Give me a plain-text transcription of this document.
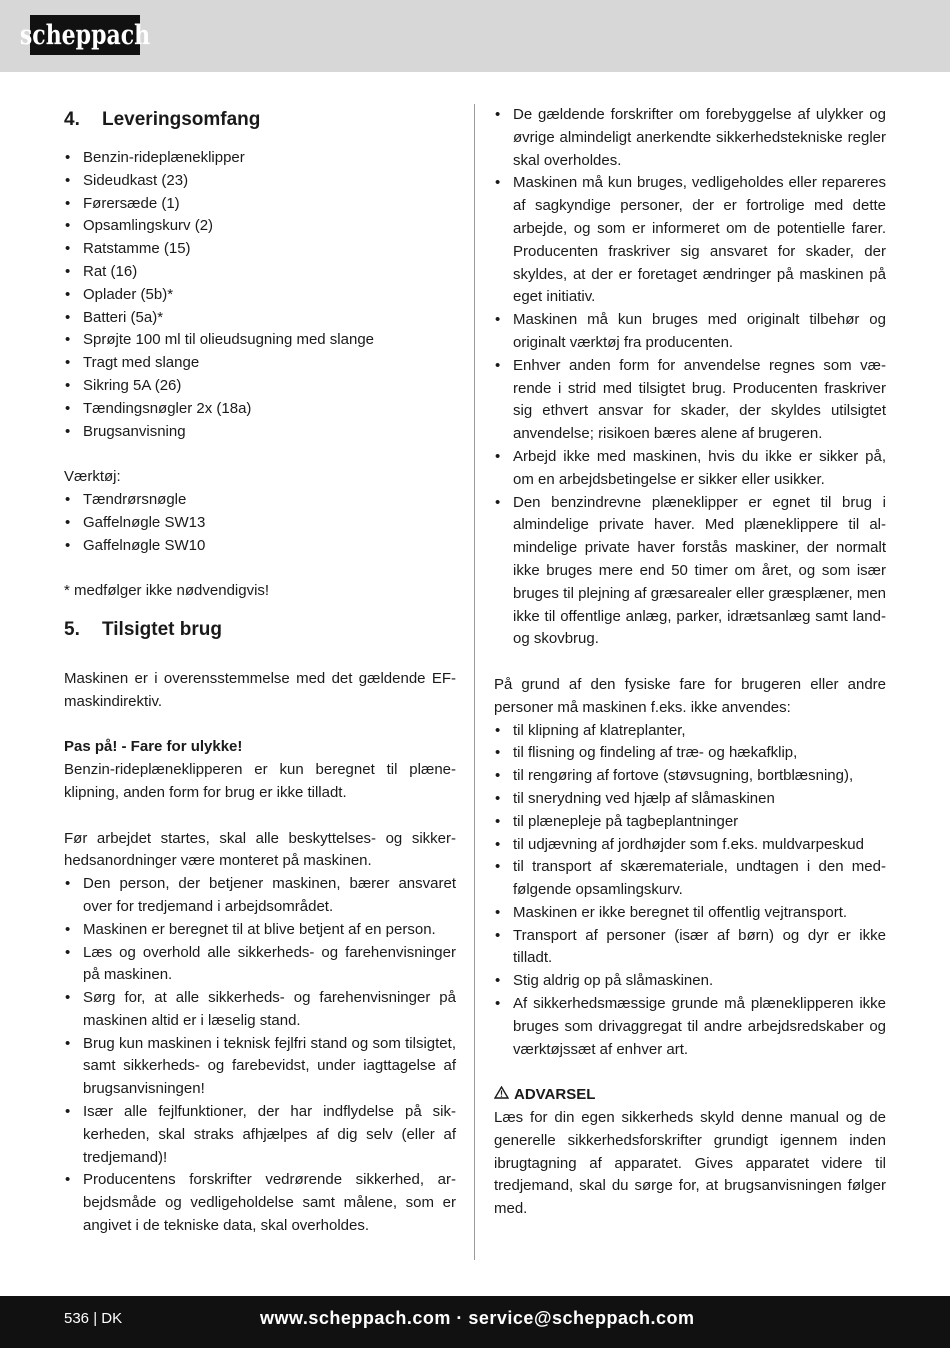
scheppach
4. Leveringsomfang
• Benzin-rideplæneklipper
• Sideudkast (23)
• Førersæde (1)
• Opsamlingskurv (2)
• Ratstamme (15)
• Rat (16)
• Oplader (5b)*
• Batteri (5a)*
• Sprøjte 100 ml til olieudsugning med slange
• Tragt med slange
• Sikring 5A (26)
• Tændingsnøgler 2x (18a)
• Brugsanvisning

Værktøj:

• Tændrørsnøgle
• Gaffelnøgle SW13
• Gaffelnøgle SW10

* medfølger ikke nødvendigvis!

5. Tilsigtet brug

Maskinen er i overensstemmelse med det gældende EF-maskindirektiv.

Pas på! - Fare for ulykke!

Benzin-rideplæneklipperen er kun beregnet til plæneklipning, anden form for brug er ikke tilladt.

Før arbejdet startes, skal alle beskyttelses- og sikkerhedsanordninger være monteret på maskinen.

• Den person, der betjener maskinen, bærer ansvaret over for tredjemand i arbejdsområdet.
• Maskinen er beregnet til at blive betjent af en person.
• Læs og overhold alle sikkerheds- og farehenvisninger på maskinen.
• Sørg for, at alle sikkerheds- og farehenvisninger på maskinen altid er i læselig stand.
• Brug kun maskinen i teknisk fejlfri stand og som tilsigtet, samt sikkerheds- og farebevidst, under iagttagelse af brugsanvisningen!
• Især alle fejlfunktioner, der har indflydelse på sikkerheden, skal straks afhjælpes af dig selv (eller af tredjemand)!
• Producentens forskrifter vedrørende sikkerhed, arbejdsmåde og vedligeholdelse samt målene, som er angivet i de tekniske data, skal overholdes.
• De gældende forskrifter om forebyggelse af ulykker og øvrige almindeligt anerkendte sikkerhedstekniske regler skal overholdes.
• Maskinen må kun bruges, vedligeholdes eller repareres af sagkyndige personer, der er fortrolige med dette arbejde, og som er informeret om de potentielle farer. Producenten fraskriver sig ansvaret for skader, der skyldes, at der er foretaget ændringer på maskinen på eget initiativ.
• Maskinen må kun bruges med originalt tilbehør og originalt værktøj fra producenten.
• Enhver anden form for anvendelse regnes som værende i strid med tilsigtet brug. Producenten fraskriver sig ethvert ansvar for skader, der skyldes utilsigtet anvendelse; risikoen bæres alene af brugeren.
• Arbejd ikke med maskinen, hvis du ikke er sikker på, om en arbejdsbetingelse er sikker eller usikker.
• Den benzindrevne plæneklipper er egnet til brug i almindelige private haver. Med plæneklippere til almindelige private haver forstås maskiner, der normalt ikke bruges mere end 50 timer om året, og som især bruges til plejning af græsarealer eller græsplæner, men ikke til offentlige anlæg, parker, idrætsanlæg samt land- og skovbrug.

På grund af den fysiske fare for brugeren eller andre personer må maskinen f.eks. ikke anvendes:

• til klipning af klatreplanter,
• til flisning og findeling af træ- og hækafklip,
• til rengøring af fortove (støvsugning, bortblæsning),
• til snerydning ved hjælp af slåmaskinen
• til plænepleje på tagbeplantninger
• til udjævning af jordhøjder som f.eks. muldvarpeskud
• til transport af skæremateriale, undtagen i den medfølgende opsamlingskurv.
• Maskinen er ikke beregnet til offentlig vejtransport.
• Transport af personer (især af børn) og dyr er ikke tilladt.
• Stig aldrig op på slåmaskinen.
• Af sikkerhedsmæssige grunde må plæneklipperen ikke bruges som drivaggregat til andre arbejdsredskaber og værktøjssæt af enhver art.

ADVARSEL

Læs for din egen sikkerheds skyld denne manual og de generelle sikkerhedsforskrifter grundigt igennem inden ibrugtagning af apparatet. Gives apparatet videre til tredjemand, skal du sørge for, at brugsanvisningen følger med.

536 | DK	www.scheppach.com · service@scheppach.com
